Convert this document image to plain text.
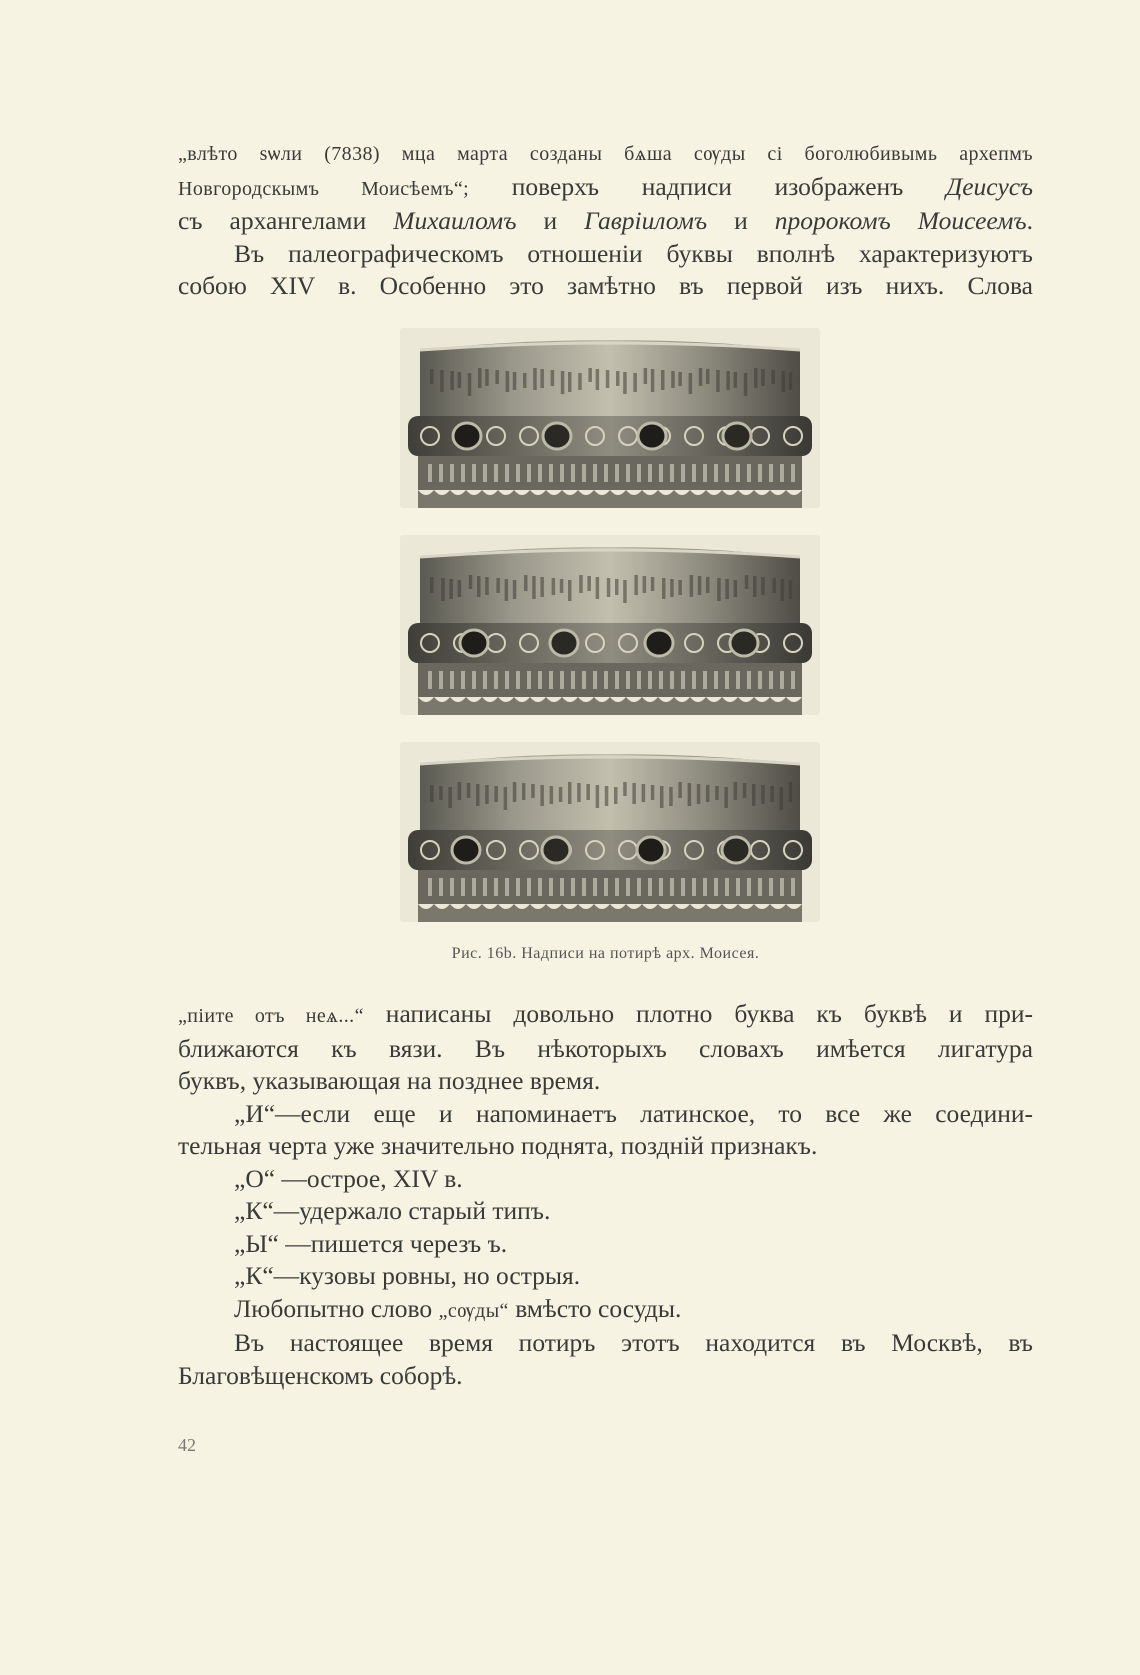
„влѣто ѕѡли (7838) мца марта созданы бѧша сѹды сі боголюбивымь архепмъ
Новгородскымъ Моисѣемъ“; поверхъ надписи изображенъ Деисусъ
съ архангелами Михаиломъ и Гавріиломъ и пророкомъ Моисеемъ.
Въ палеографическомъ отношеніи буквы вполнѣ характеризуютъ
собою XIV в. Особенно это замѣтно въ первой изъ нихъ. Слова
Рис. 16b. Надписи на потирѣ арх. Моисея.
„піите отъ неѧ...“ написаны довольно плотно буква къ буквѣ и при-
ближаются къ вязи. Въ нѣкоторыхъ словахъ имѣется лигатура
буквъ, указывающая на позднее время.
„И“—если еще и напоминаетъ латинское, то все же соедини-
тельная черта уже значительно поднята, поздній признакъ.
„О“ —острое, XIV в.
„К“—удержало старый типъ.
„Ы“ —пишется черезъ ъ.
„К“—кузовы ровны, но острыя.
Любопытно слово „сѹды“ вмѣсто сосуды.
Въ настоящее время потиръ этотъ находится въ Москвѣ, въ
Благовѣщенскомъ соборѣ.
42
